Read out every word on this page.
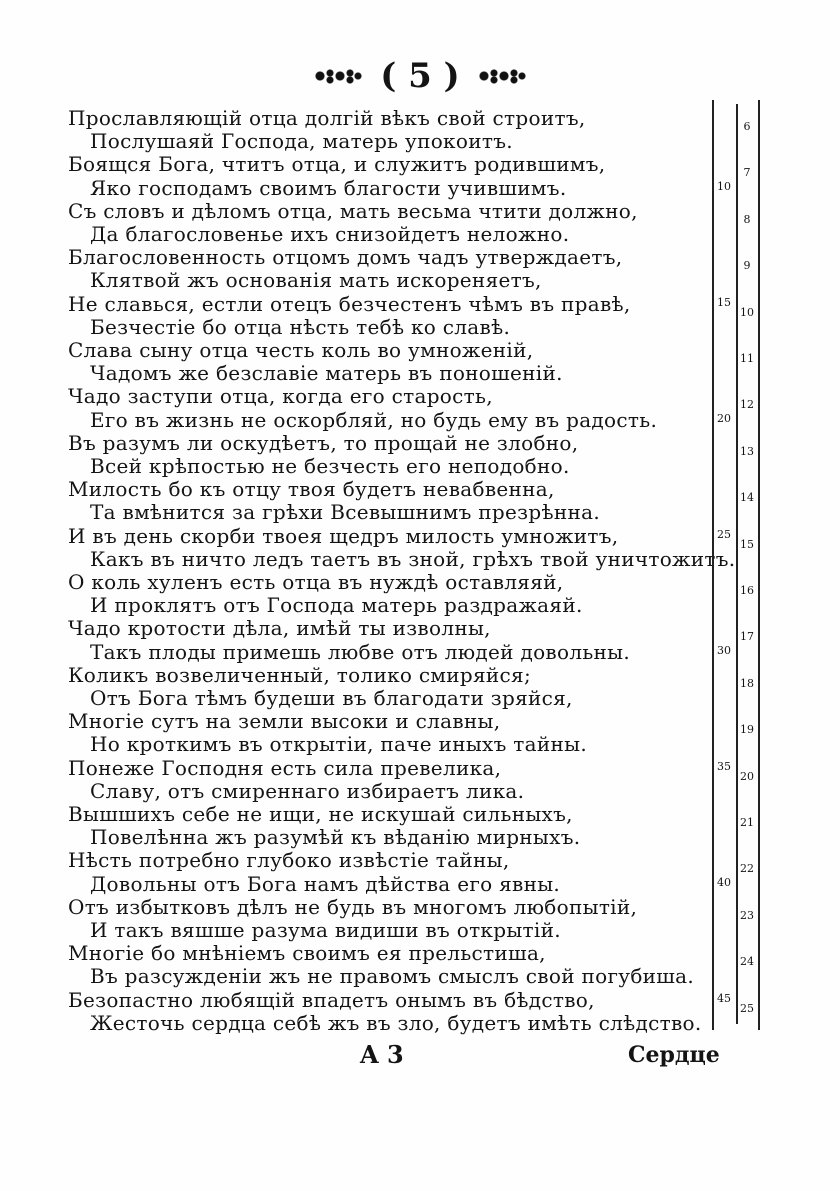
( 5 )
Прославляющій отца долгій вѣкъ свой строитъ,
Послушаяй Господа, матерь упокоитъ.
Боящся Бога, чтитъ отца, и служитъ родившимъ,
Яко господамъ своимъ благости учившимъ.
Съ словъ и дѣломъ отца, мать весьма чтити должно,
Да благословенье ихъ снизойдетъ неложно.
Благословенность отцомъ домъ чадъ утверждаетъ,
Клятвой жъ основанія мать искореняетъ,
Не славься, естли отецъ безчестенъ чѣмъ въ правѣ,
Безчестіе бо отца нѣсть тебѣ ко славѣ.
Слава сыну отца честь коль во умноженій,
Чадомъ же безславіе матерь въ поношеній.
Чадо заступи отца, когда его старость,
Его въ жизнь не оскорбляй, но будь ему въ радость.
Въ разумъ ли оскудѣетъ, то прощай не злобно,
Всей крѣпостью не безчесть его неподобно.
Милость бо къ отцу твоя будетъ невабвенна,
Та вмѣнится за грѣхи Всевышнимъ презрѣнна.
И въ день скорби твоея щедръ милость умножитъ,
Какъ въ ничто ледъ таетъ въ зной, грѣхъ твой уничтожитъ.
О коль хуленъ есть отца въ нуждѣ оставляяй,
И проклятъ отъ Господа матерь раздражаяй.
Чадо кротости дѣла, имѣй ты изволны,
Такъ плоды примешь любве отъ людей довольны.
Коликъ возвеличенный, толико смиряйся;
Отъ Бога тѣмъ будеши въ благодати зряйся,
Многіе сутъ на земли высоки и славны,
Но кроткимъ въ открытіи, паче иныхъ тайны.
Понеже Господня есть сила превелика,
Славу, отъ смиреннаго избираетъ лика.
Вышшихъ себе не ищи, не искушай сильныхъ,
Повелѣнна жъ разумѣй къ вѣданію мирныхъ.
Нѣсть потребно глубоко извѣстіе тайны,
Довольны отъ Бога намъ дѣйства его явны.
Отъ избытковъ дѣлъ не будь въ многомъ любопытій,
И такъ вяшше разума видиши въ открытій.
Многіе бо мнѣніемъ своимъ ея прельстиша,
Въ разсужденіи жъ не правомъ смыслъ свой погубиша.
Безопастно любящій впадетъ онымъ въ бѣдство,
Жесточь сердца себѣ жъ въ зло, будетъ имѣть слѣдство.
10
15
20
25
30
35
40
45
6
7
8
9
10
11
12
13
14
15
16
17
18
19
20
21
22
23
24
25
A 3	Сердце
